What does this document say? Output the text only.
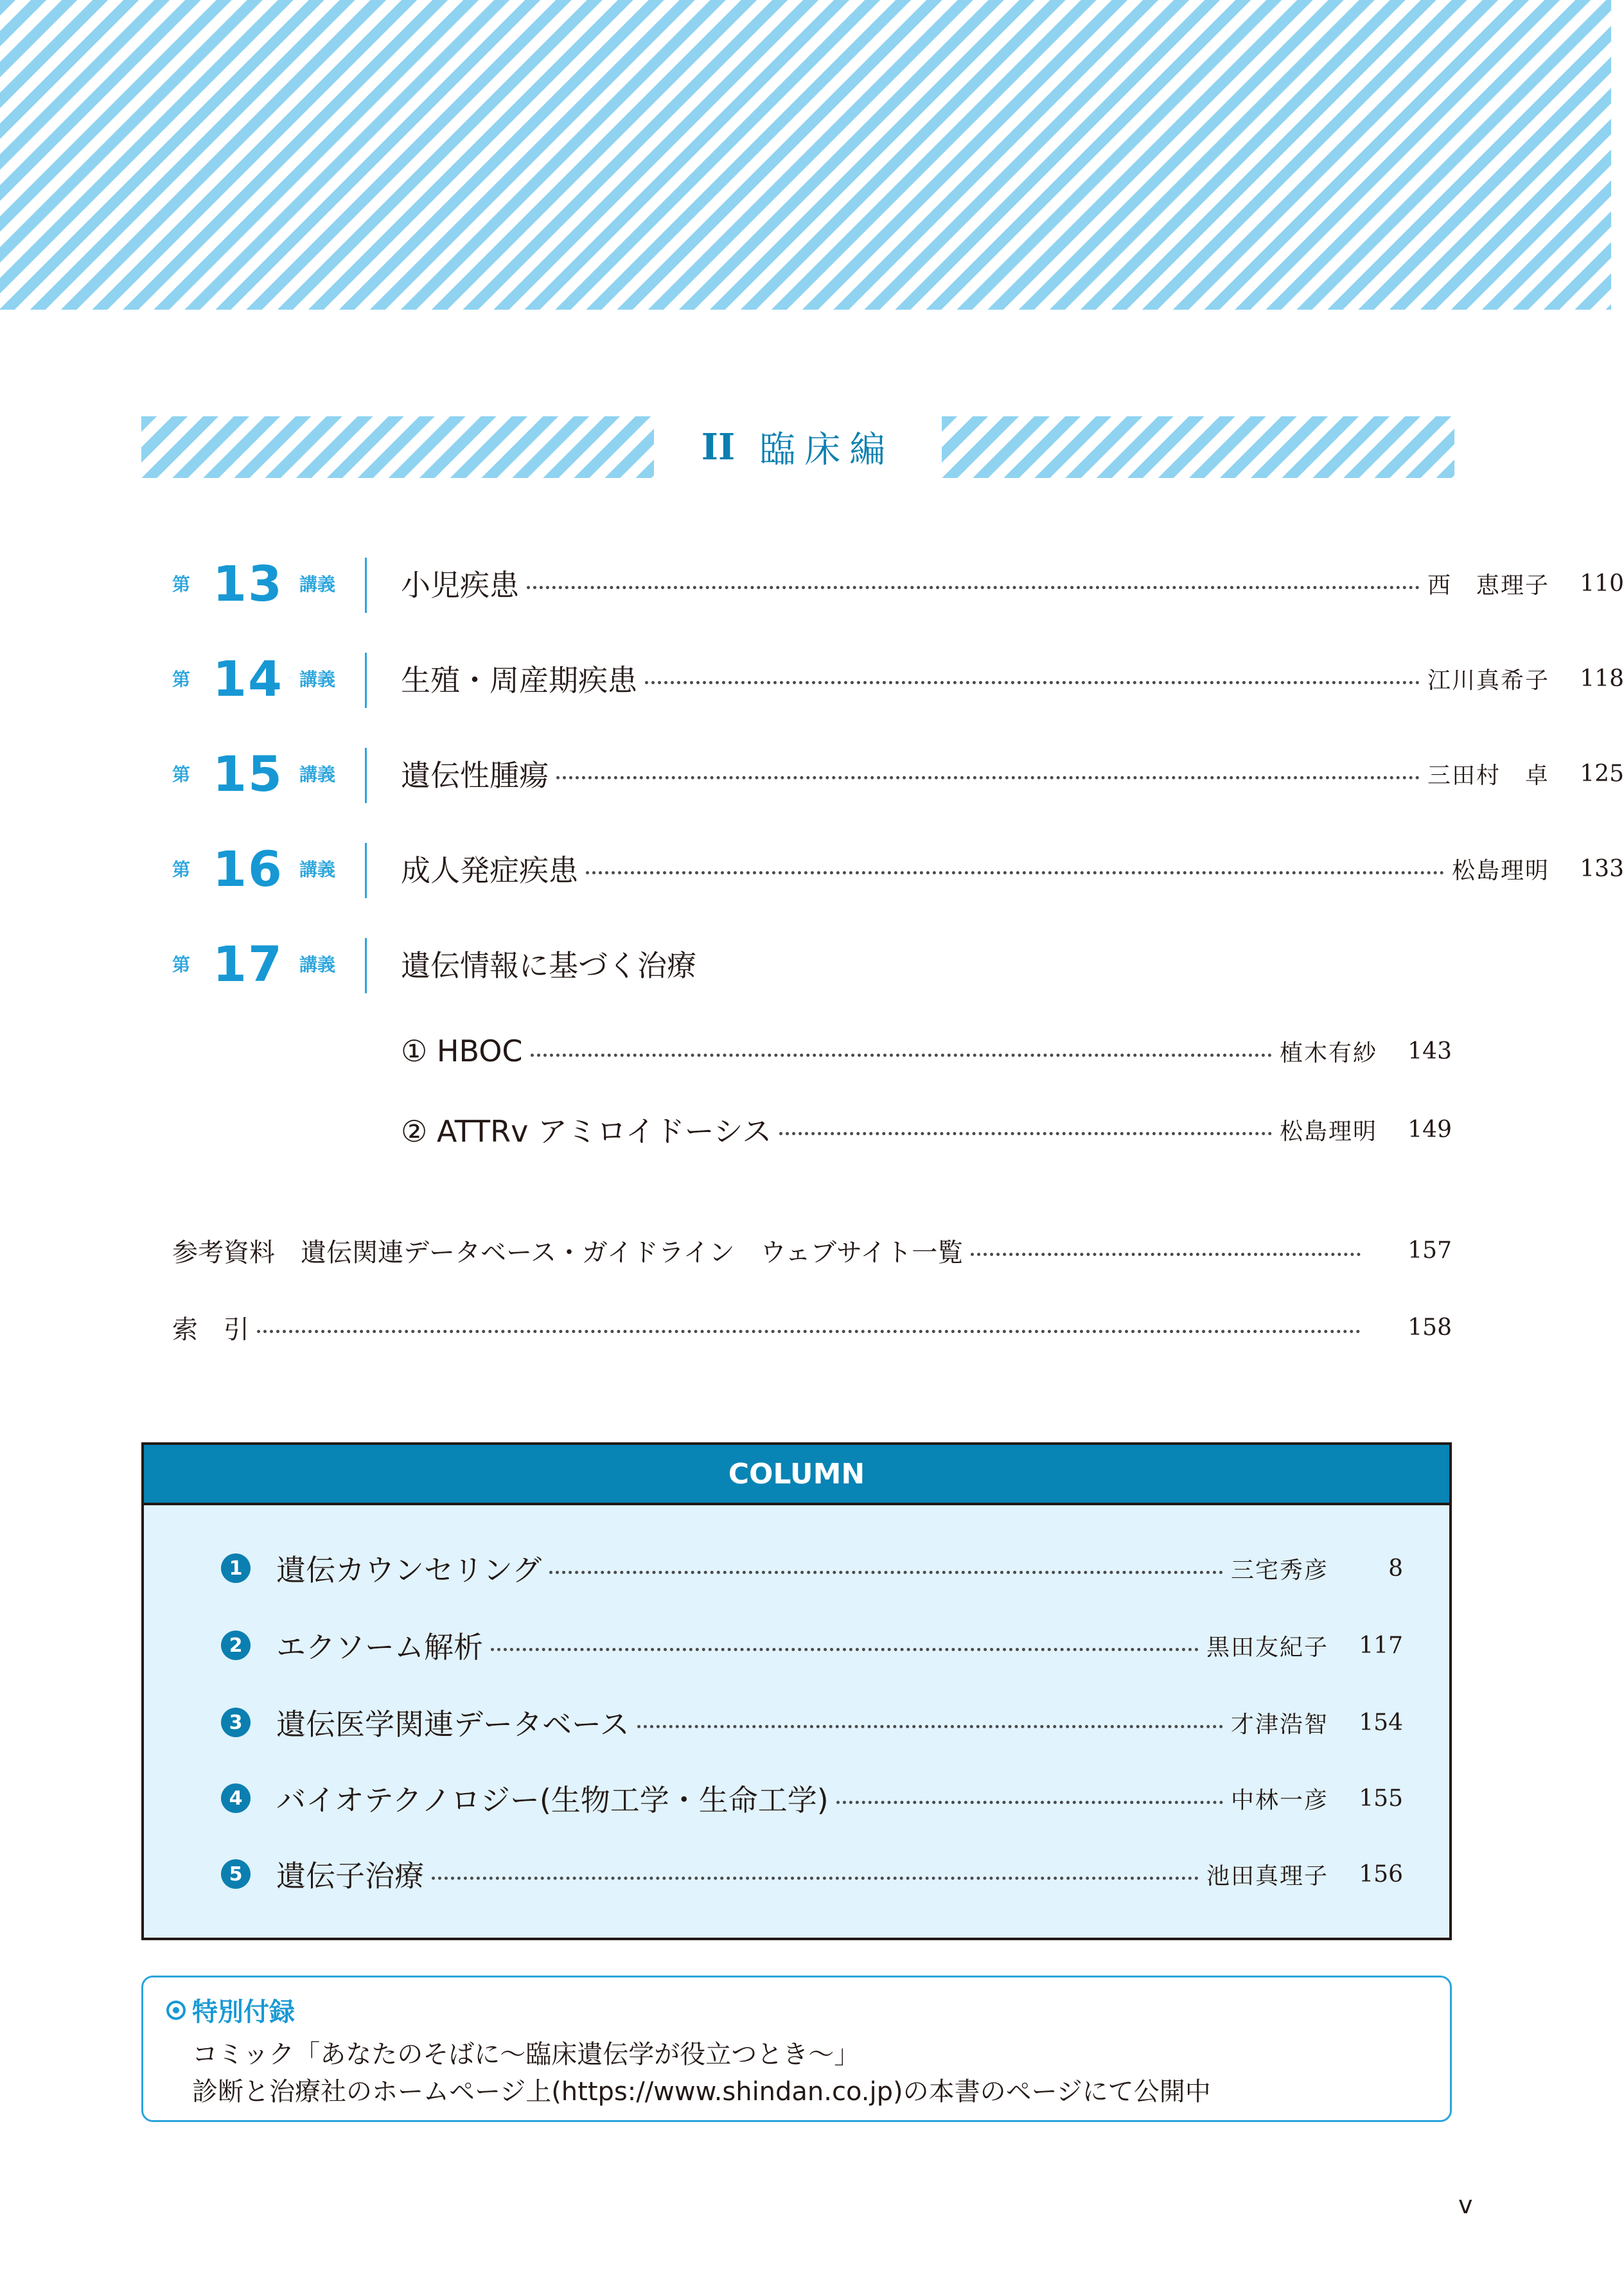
II 臨床編
第 13 講義 小児疾患	西　恵理子	110
第 14 講義 生殖・周産期疾患	江川真希子	118
第 15 講義 遺伝性腫瘍	三田村　卓	125
第 16 講義 成人発症疾患	松島理明	133
第 17 講義 遺伝情報に基づく治療
① HBOC	植木有紗	143
② ATTRv アミロイドーシス	松島理明	149
参考資料　遺伝関連データベース・ガイドライン　ウェブサイト一覧	157
索　引	158
COLUMN
1 遺伝カウンセリング	三宅秀彦	8
2 エクソーム解析	黒田友紀子	117
3 遺伝医学関連データベース	才津浩智	154
4 バイオテクノロジー(生物工学・生命工学)	中林一彦	155
5 遺伝子治療	池田真理子	156
特別付録
コミック「あなたのそばに〜臨床遺伝学が役立つとき〜」
診断と治療社のホームページ上(https://www.shindan.co.jp)の本書のページにて公開中
v
